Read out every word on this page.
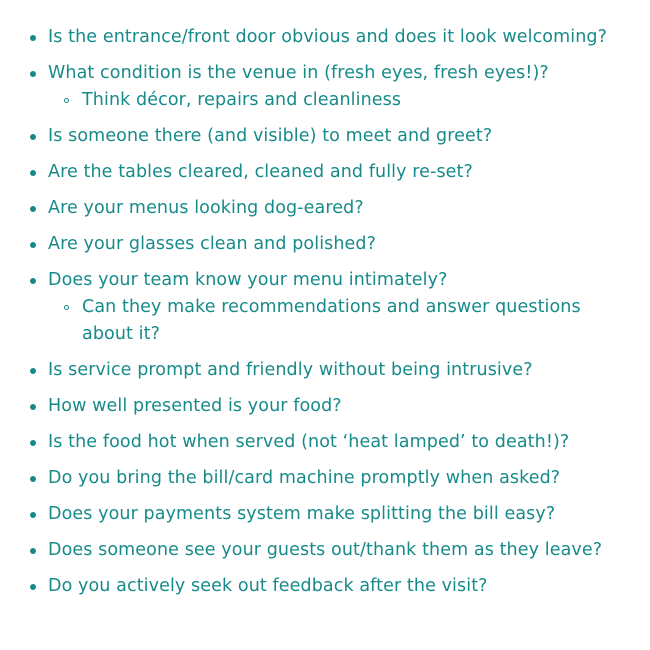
Is the entrance/front door obvious and does it look welcoming?
What condition is the venue in (fresh eyes, fresh eyes!)?
Think décor, repairs and cleanliness
Is someone there (and visible) to meet and greet?
Are the tables cleared, cleaned and fully re-set?
Are your menus looking dog-eared?
Are your glasses clean and polished?
Does your team know your menu intimately?
Can they make recommendations and answer questions about it?
Is service prompt and friendly without being intrusive?
How well presented is your food?
Is the food hot when served (not ‘heat lamped’ to death!)?
Do you bring the bill/card machine promptly when asked?
Does your payments system make splitting the bill easy?
Does someone see your guests out/thank them as they leave?
Do you actively seek out feedback after the visit?
